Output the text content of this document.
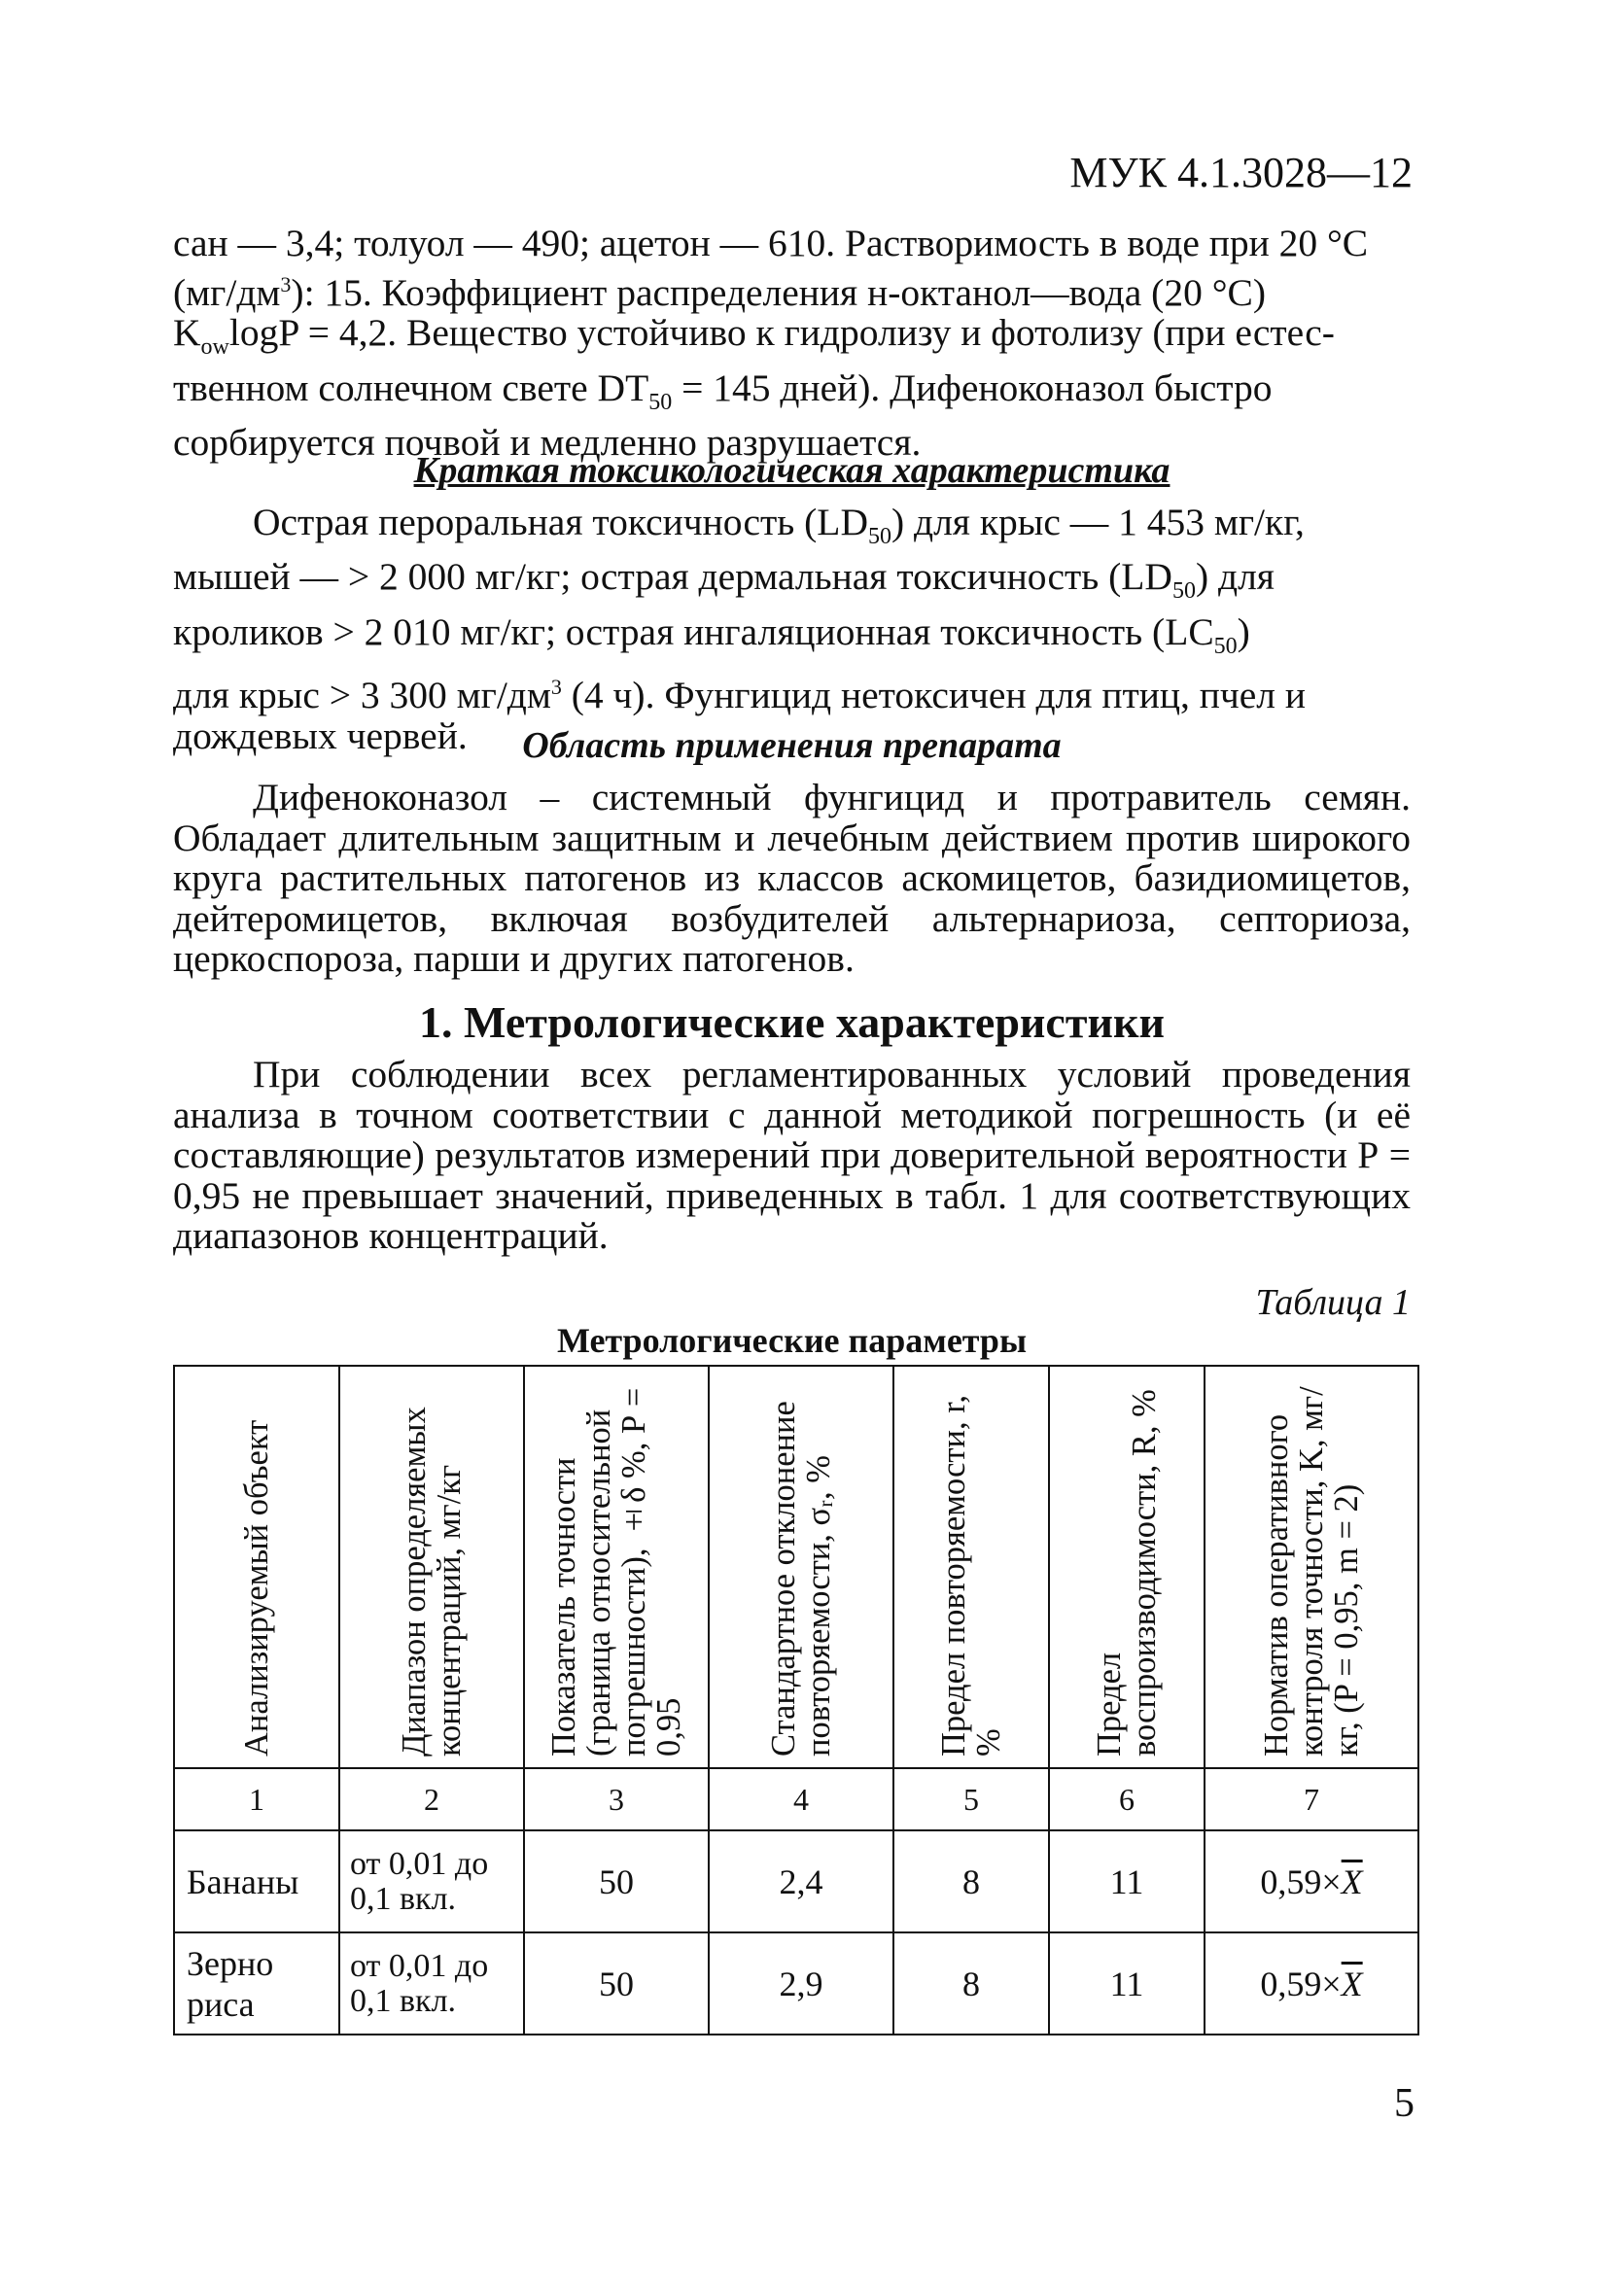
МУК 4.1.3028—12

сан — 3,4; толуол — 490; ацетон — 610. Растворимость в воде при 20 °С

$(мг/дм^3)$: 15. Коэффициент распределения н-октанол—вода (20 °С)

$K_{ow}\log P = 4,2$. Вещество устойчиво к гидролизу и фотолизу (при естес-

твенном солнечном свете $DT_{50} = 145$ дней). Дифеноконазол быстро

сорбируется почвой и медленно разрушается.

Краткая токсикологическая характеристика

Острая пероральная токсичность $(LD_{50})$ для крыс — 1 453 мг/кг,

мышей — > 2 000 мг/кг; острая дермальная токсичность $(LD_{50})$ для

кроликов > 2 010 мг/кг; острая ингаляционная токсичность $(LC_{50})$

для крыс > 3 300 $мг/дм^3$ (4 ч). Фунгицид нетоксичен для птиц, пчел и

дождевых червей.	Область применения препарата

Дифеноконазол – системный фунгицид и протравитель семян. Обладает длительным защитным и лечебным действием против широкого круга растительных патогенов из классов аскомицетов, базидиомицетов, дейтеромицетов, включая возбудителей альтернариоза, септориоза, церкоспороза, парши и других патогенов.

1. Метрологические характеристики

При соблюдении всех регламентированных условий проведения анализа в точном соответствии с данной методикой погрешность (и её составляющие) результатов измерений при доверительной вероятности Р = 0,95 не превышает значений, приведенных в табл. 1 для соответствующих диапазонов концентраций.

Таблица 1
Метрологические параметры
Анализируемый объект	Диапазон определяемых концентраций, мг/кг	Показатель точности (граница относительной погрешности), ±δ %, Р = 0,95	Стандартное отклонение повторяемости, σᵣ, %	Предел повторяемости, r, %	Предел воспроизводимости, R, %	Норматив оперативного контроля точности, K, мг/кг, (P = 0,95, m = 2)
1	2	3	4	5	6	7
Бананы	от 0,01 до
0,1 вкл.	50	2,4	8	11	$0,59\times\overline{X}$
Зерно риса	от 0,01 до
0,1 вкл.	50	2,9	8	11	$0,59\times\overline{X}$
5
